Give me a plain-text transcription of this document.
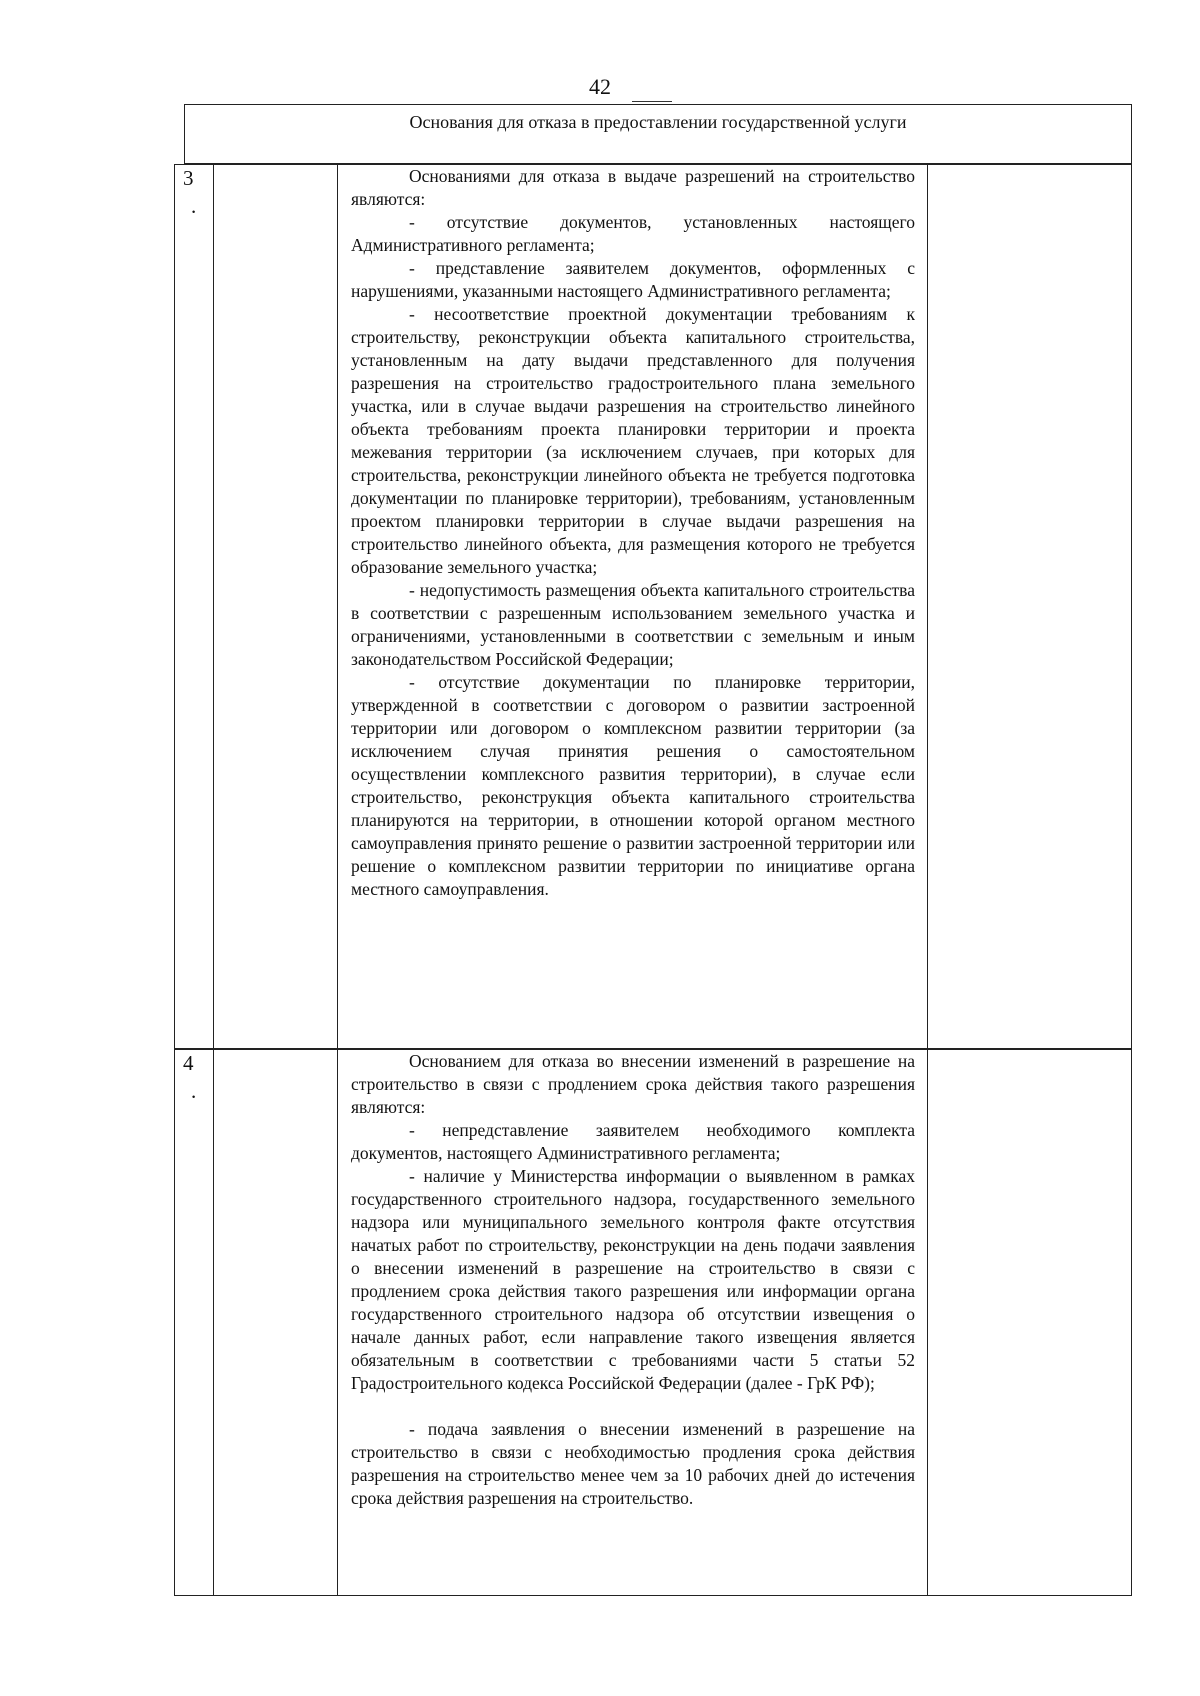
42
Основания для отказа в предоставлении государственной услуги
3
.

Основаниями для отказа в выдаче разрешений на строительство являются:

- отсутствие документов, установленных настоящего Административного регламента;

- представление заявителем документов, оформленных с нарушениями, указанными настоящего Административного регламента;

- несоответствие проектной документации требованиям к строительству, реконструкции объекта капитального строительства, установленным на дату выдачи представленного для получения разрешения на строительство градостроительного плана земельного участка, или в случае выдачи разрешения на строительство линейного объекта требованиям проекта планировки территории и проекта межевания территории (за исключением случаев, при которых для строительства, реконструкции линейного объекта не требуется подготовка документации по планировке территории), требованиям, установленным проектом планировки территории в случае выдачи разрешения на строительство линейного объекта, для размещения которого не требуется образование земельного участка;

- недопустимость размещения объекта капитального строительства в соответствии с разрешенным использованием земельного участка и ограничениями, установленными в соответствии с земельным и иным законодательством Российской Федерации;

- отсутствие документации по планировке территории, утвержденной в соответствии с договором о развитии застроенной территории или договором о комплексном развитии территории (за исключением случая принятия решения о самостоятельном осуществлении комплексного развития территории), в случае если строительство, реконструкция объекта капитального строительства планируются на территории, в отношении которой органом местного самоуправления принято решение о развитии застроенной территории или решение о комплексном развитии территории по инициативе органа местного самоуправления.

4
.

Основанием для отказа во внесении изменений в разрешение на строительство в связи с продлением срока действия такого разрешения являются:

- непредставление заявителем необходимого комплекта документов, настоящего Административного регламента;

- наличие у Министерства информации о выявленном в рамках государственного строительного надзора, государственного земельного надзора или муниципального земельного контроля факте отсутствия начатых работ по строительству, реконструкции на день подачи заявления о внесении изменений в разрешение на строительство в связи с продлением срока действия такого разрешения или информации органа государственного строительного надзора об отсутствии извещения о начале данных работ, если направление такого извещения является обязательным в соответствии с требованиями части 5 статьи 52 Градостроительного кодекса Российской Федерации (далее - ГрК РФ);

- подача заявления о внесении изменений в разрешение на строительство в связи с необходимостью продления срока действия разрешения на строительство менее чем за 10 рабочих дней до истечения срока действия разрешения на строительство.
